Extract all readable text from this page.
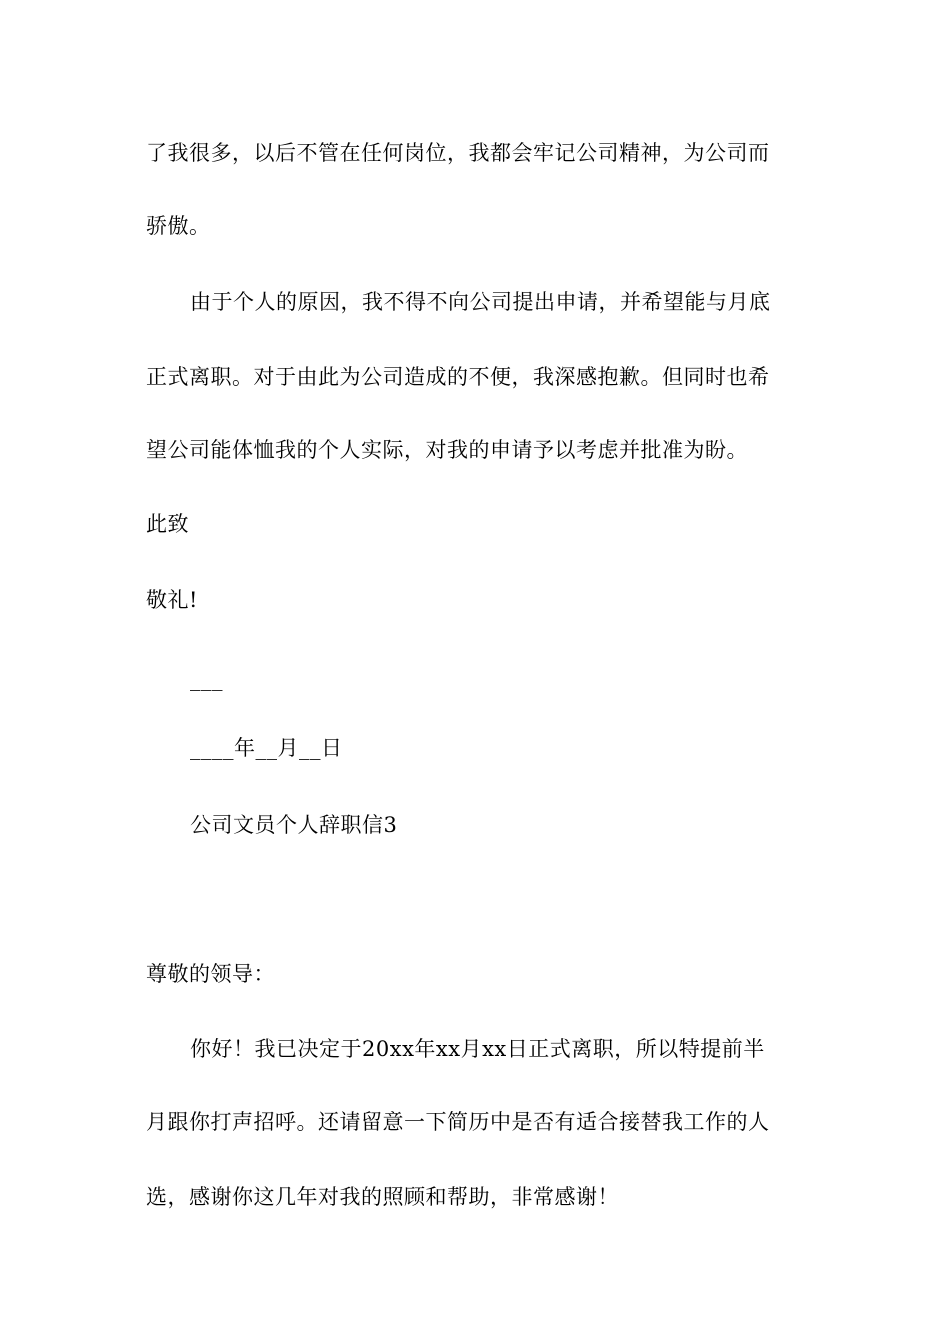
了我很多，以后不管在任何岗位，我都会牢记公司精神，为公司而
骄傲。
由于个人的原因，我不得不向公司提出申请，并希望能与月底
正式离职。对于由此为公司造成的不便，我深感抱歉。但同时也希
望公司能体恤我的个人实际，对我的申请予以考虑并批准为盼。
此致
敬礼!
___
____年__月__日
公司文员个人辞职信3
尊敬的领导：
你好！我已决定于20xx年xx月xx日正式离职，所以特提前半
月跟你打声招呼。还请留意一下简历中是否有适合接替我工作的人
选，感谢你这几年对我的照顾和帮助，非常感谢！
